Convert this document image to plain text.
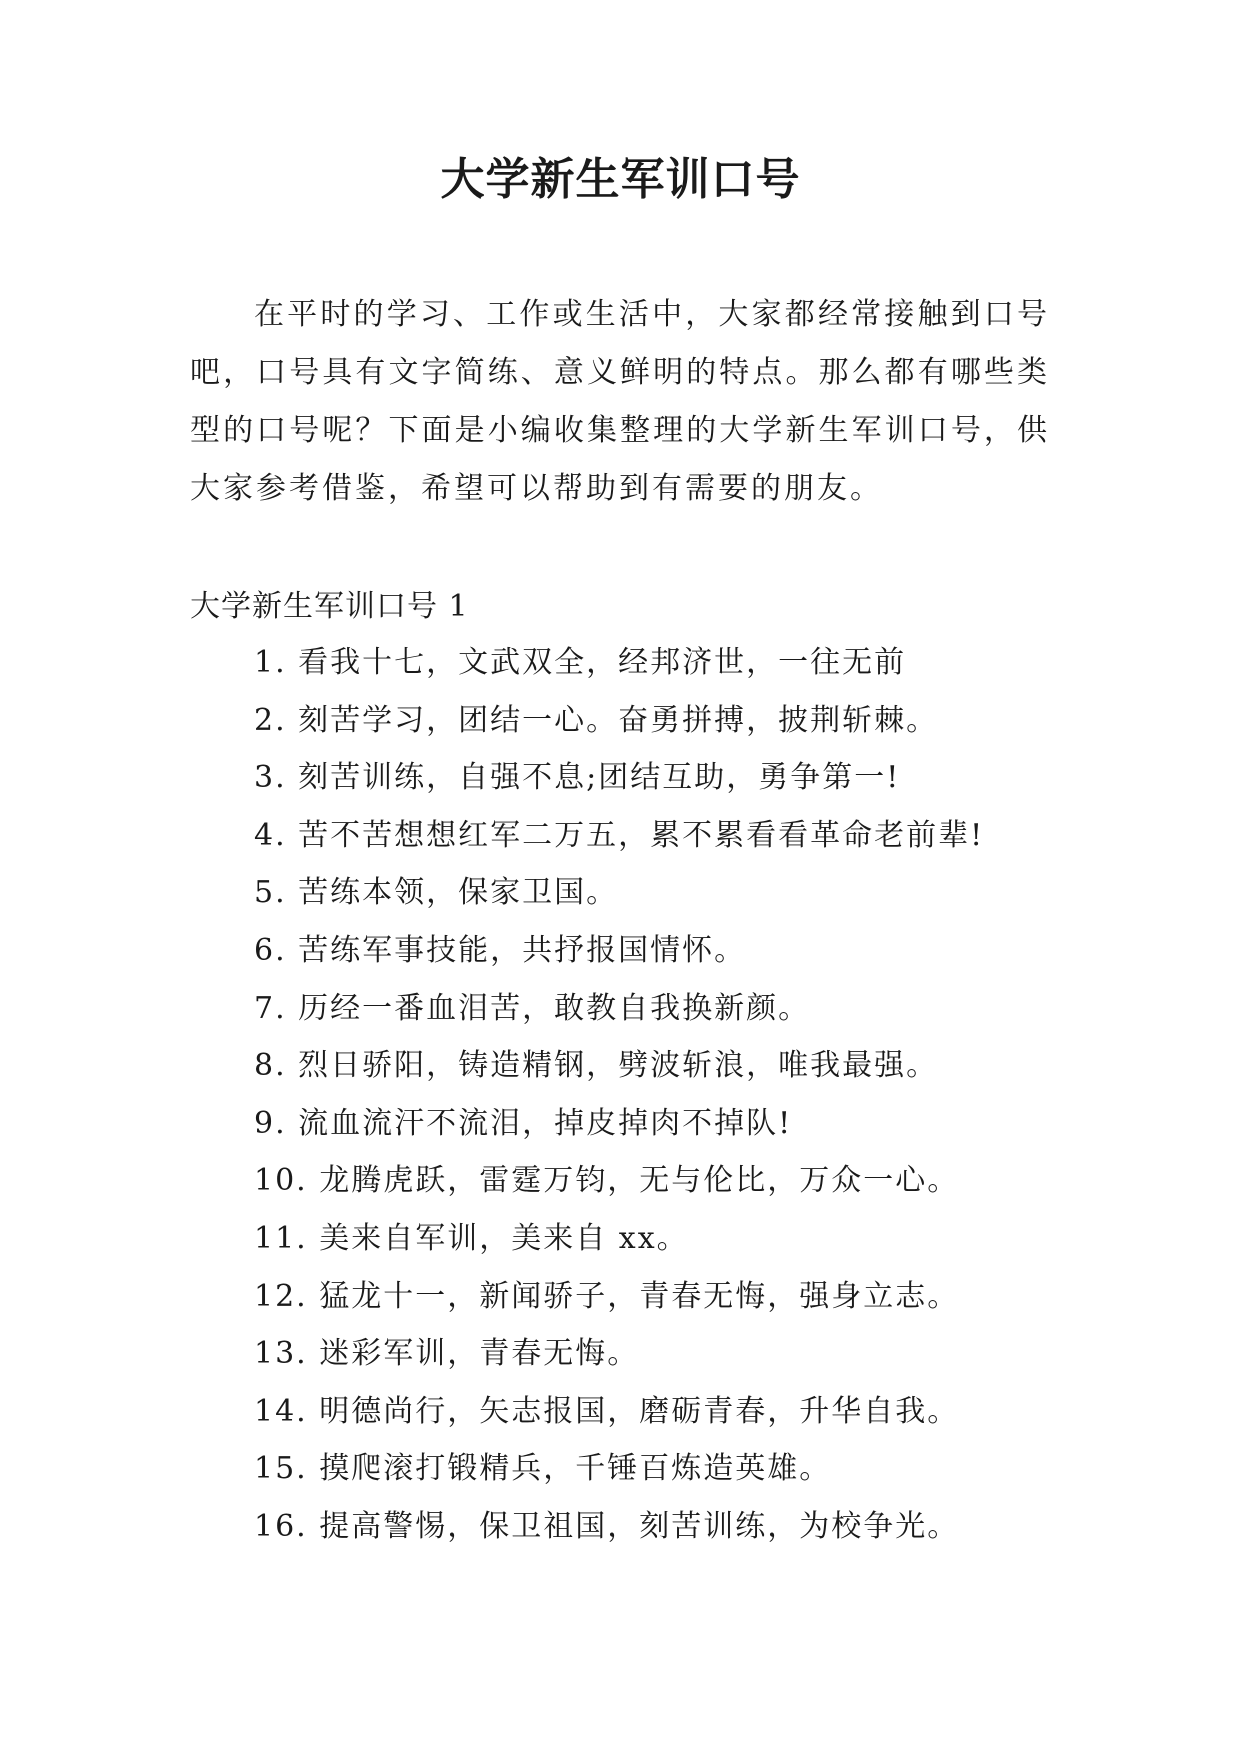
大学新生军训口号

在平时的学习、工作或生活中，大家都经常接触到口号吧，口号具有文字简练、意义鲜明的特点。那么都有哪些类型的口号呢？下面是小编收集整理的大学新生军训口号，供大家参考借鉴，希望可以帮助到有需要的朋友。

大学新生军训口号 1
1. 看我十七，文武双全，经邦济世，一往无前
2. 刻苦学习，团结一心。奋勇拼搏，披荆斩棘。
3. 刻苦训练，自强不息;团结互助，勇争第一!
4. 苦不苦想想红军二万五，累不累看看革命老前辈!
5. 苦练本领，保家卫国。
6. 苦练军事技能，共抒报国情怀。
7. 历经一番血泪苦，敢教自我换新颜。
8. 烈日骄阳，铸造精钢，劈波斩浪，唯我最强。
9. 流血流汗不流泪，掉皮掉肉不掉队!
10. 龙腾虎跃，雷霆万钧，无与伦比，万众一心。
11. 美来自军训，美来自 xx。
12. 猛龙十一，新闻骄子，青春无悔，强身立志。
13. 迷彩军训，青春无悔。
14. 明德尚行，矢志报国，磨砺青春，升华自我。
15. 摸爬滚打锻精兵，千锤百炼造英雄。
16. 提高警惕，保卫祖国，刻苦训练，为校争光。
